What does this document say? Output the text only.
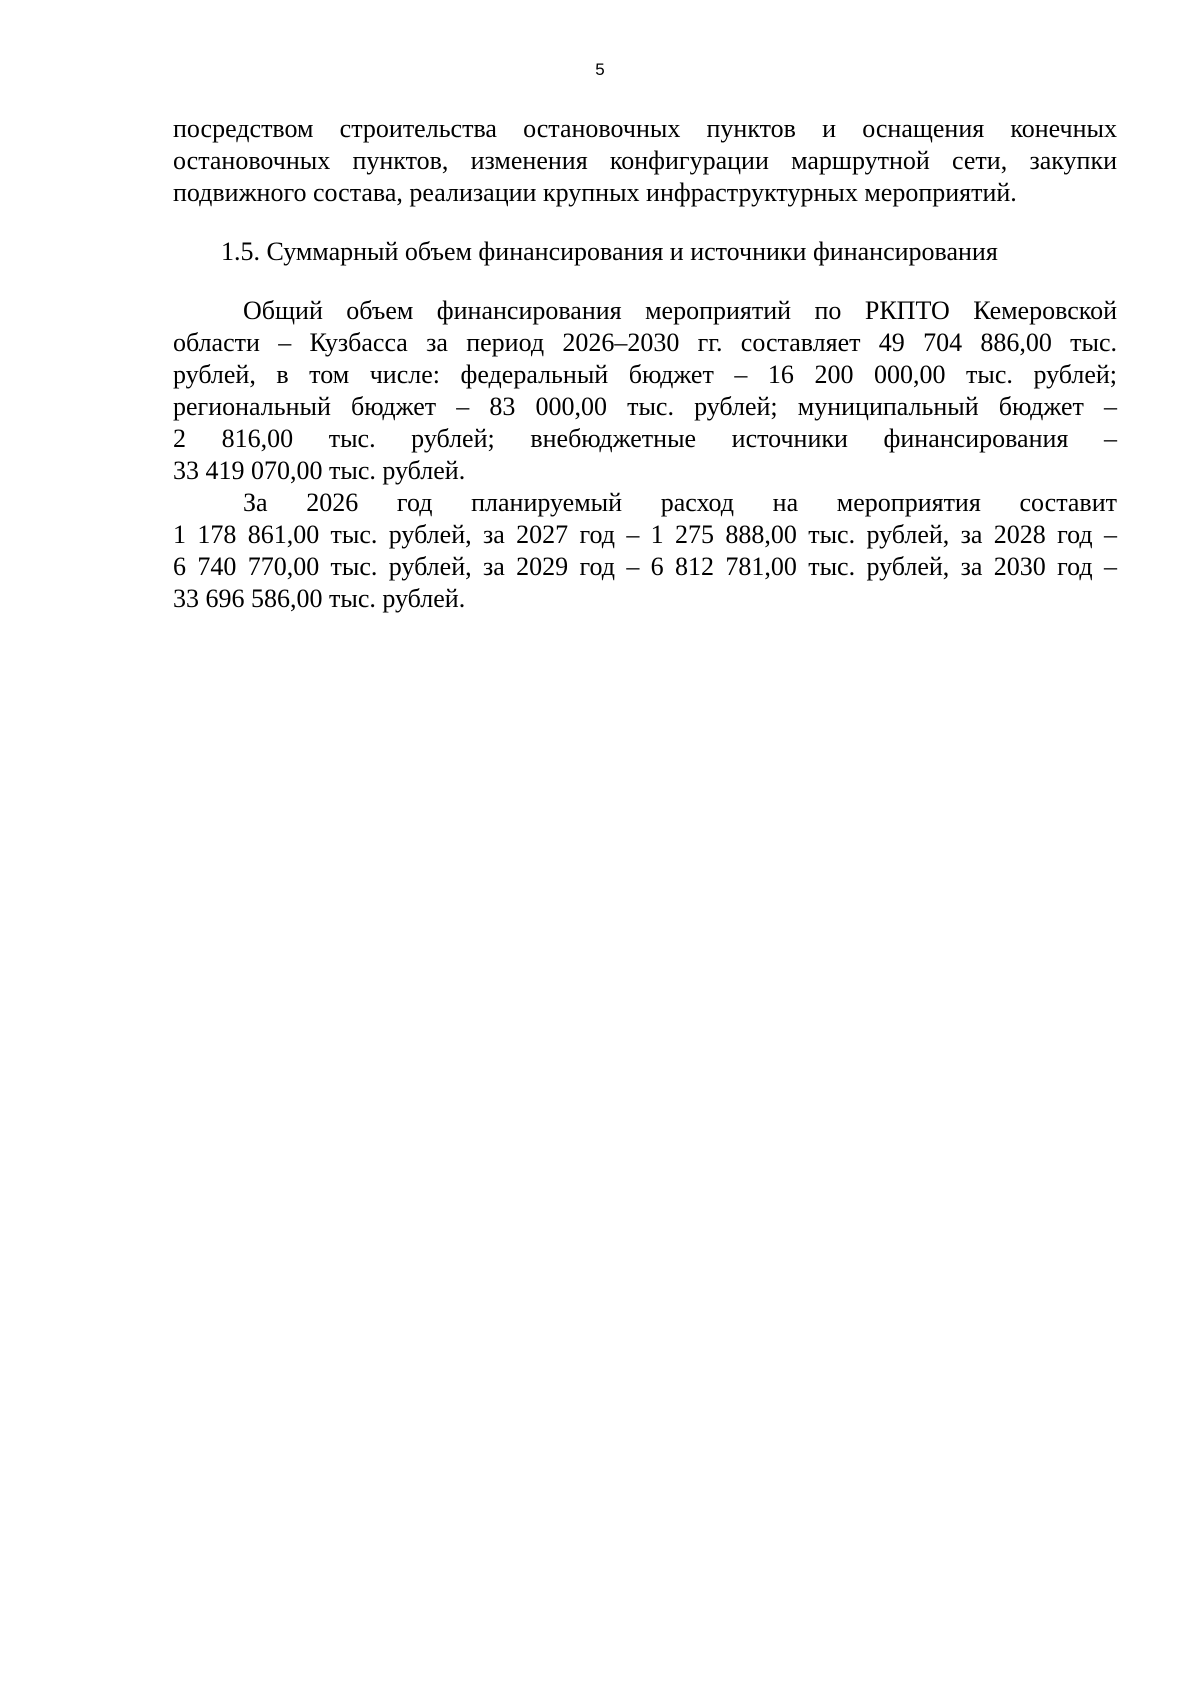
5
посредством строительства остановочных пунктов и оснащения конечных
остановочных пунктов, изменения конфигурации маршрутной сети, закупки
подвижного состава, реализации крупных инфраструктурных мероприятий.
1.5. Суммарный объем финансирования и источники финансирования
Общий объем финансирования мероприятий по РКПТО Кемеровской
области – Кузбасса за период 2026–2030 гг. составляет 49 704 886,00 тыс.
рублей, в том числе: федеральный бюджет – 16 200 000,00 тыс. рублей;
региональный бюджет – 83 000,00 тыс. рублей; муниципальный бюджет –
2 816,00 тыс. рублей; внебюджетные источники финансирования –
33 419 070,00 тыс. рублей.
За 2026 год планируемый расход на мероприятия составит
1 178 861,00 тыс. рублей, за 2027 год – 1 275 888,00 тыс. рублей, за 2028 год –
6 740 770,00 тыс. рублей, за 2029 год – 6 812 781,00 тыс. рублей, за 2030 год –
33 696 586,00 тыс. рублей.
